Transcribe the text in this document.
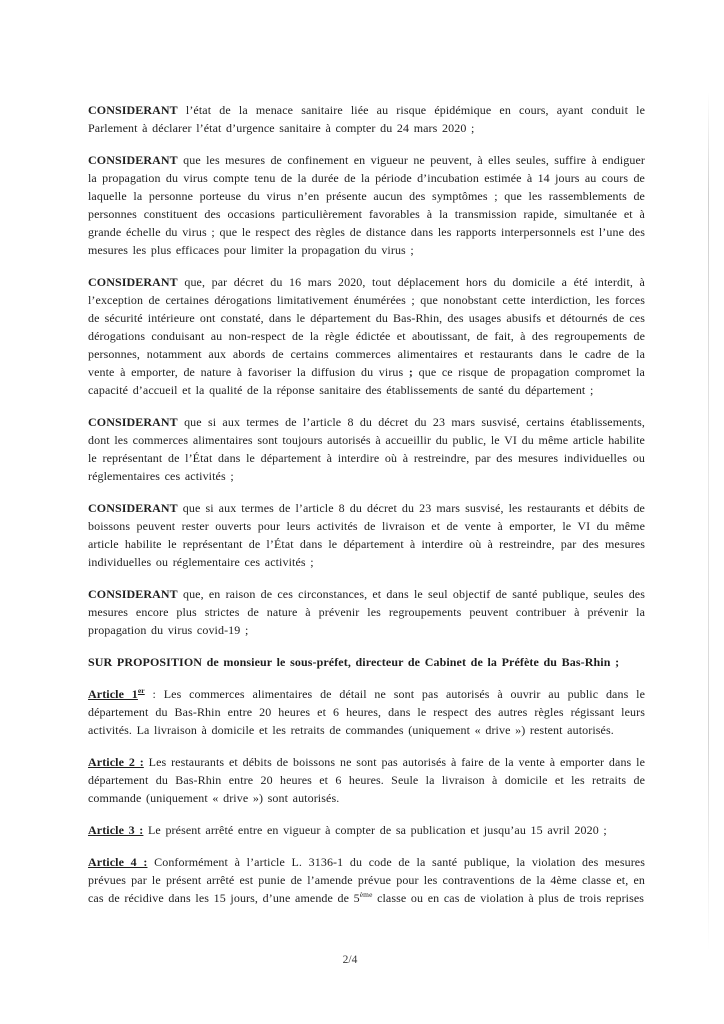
CONSIDERANT l’état de la menace sanitaire liée au risque épidémique en cours, ayant conduit le Parlement à déclarer l’état d’urgence sanitaire à compter du 24 mars 2020 ;

CONSIDERANT que les mesures de confinement en vigueur ne peuvent, à elles seules, suffire à endiguer la propagation du virus compte tenu de la durée de la période d’incubation estimée à 14 jours au cours de laquelle la personne porteuse du virus n’en présente aucun des symptômes ; que les rassemblements de personnes constituent des occasions particulièrement favorables à la transmission rapide, simultanée et à grande échelle du virus ; que le respect des règles de distance dans les rapports interpersonnels est l’une des mesures les plus efficaces pour limiter la propagation du virus ;

CONSIDERANT que, par décret du 16 mars 2020, tout déplacement hors du domicile a été interdit, à l’exception de certaines dérogations limitativement énumérées ; que nonobstant cette interdiction, les forces de sécurité intérieure ont constaté, dans le département du Bas-Rhin, des usages abusifs et détournés de ces dérogations conduisant au non-respect de la règle édictée et aboutissant, de fait, à des regroupements de personnes, notamment aux abords de certains commerces alimentaires et restaurants dans le cadre de la vente à emporter, de nature à favoriser la diffusion du virus ; que ce risque de propagation compromet la capacité d’accueil et la qualité de la réponse sanitaire des établissements de santé du département ;

CONSIDERANT que si aux termes de l’article 8 du décret du 23 mars susvisé, certains établissements, dont les commerces alimentaires sont toujours autorisés à accueillir du public, le VI du même article habilite le représentant de l’État dans le département à interdire où à restreindre, par des mesures individuelles ou réglementaires ces activités ;

CONSIDERANT que si aux termes de l’article 8 du décret du 23 mars susvisé, les restaurants et débits de boissons peuvent rester ouverts pour leurs activités de livraison et de vente à emporter, le VI du même article habilite le représentant de l’État dans le département à interdire où à restreindre, par des mesures individuelles ou réglementaire ces activités ;

CONSIDERANT que, en raison de ces circonstances, et dans le seul objectif de santé publique, seules des mesures encore plus strictes de nature à prévenir les regroupements peuvent contribuer à prévenir la propagation du virus covid-19 ;

SUR PROPOSITION de monsieur le sous-préfet, directeur de Cabinet de la Préfète du Bas-Rhin ;

Article 1er : Les commerces alimentaires de détail ne sont pas autorisés à ouvrir au public dans le département du Bas-Rhin entre 20 heures et 6 heures, dans le respect des autres règles régissant leurs activités. La livraison à domicile et les retraits de commandes (uniquement « drive ») restent autorisés.

Article 2 : Les restaurants et débits de boissons ne sont pas autorisés à faire de la vente à emporter dans le département du Bas-Rhin entre 20 heures et 6 heures. Seule la livraison à domicile et les retraits de commande (uniquement « drive ») sont autorisés.

Article 3 : Le présent arrêté entre en vigueur à compter de sa publication et jusqu’au 15 avril 2020 ;

Article 4 : Conformément à l’article L. 3136-1 du code de la santé publique, la violation des mesures prévues par le présent arrêté est punie de l’amende prévue pour les contraventions de la 4ème classe et, en cas de récidive dans les 15 jours, d’une amende de 5ème classe ou en cas de violation à plus de trois reprises

2/4
